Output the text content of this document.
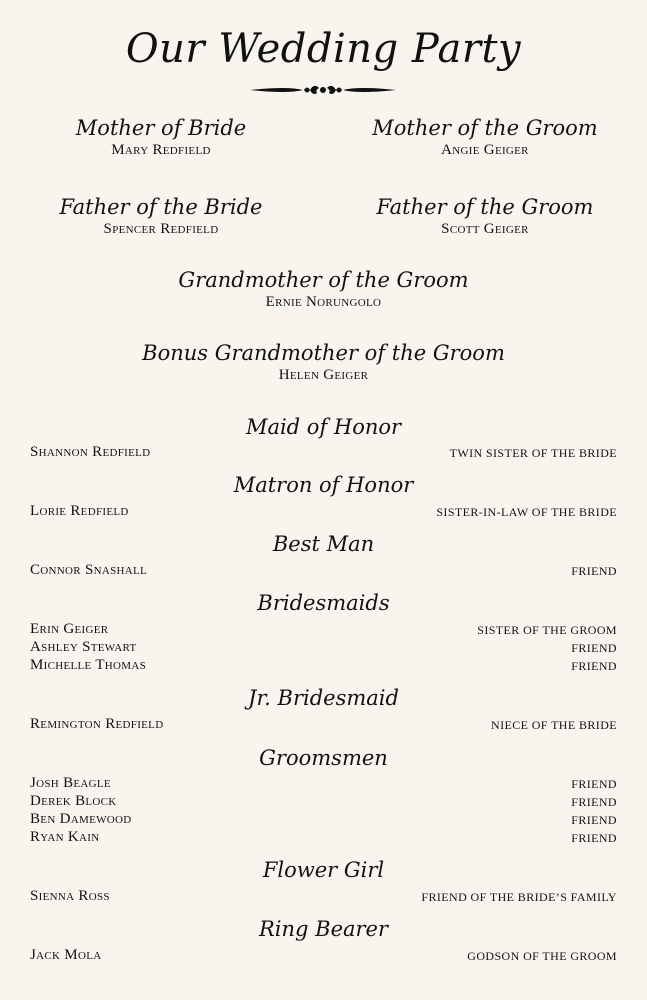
Our Wedding Party
Mother of Bride
Mary Redfield
Mother of the Groom
Angie Geiger
Father of the Bride
Spencer Redfield
Father of the Groom
Scott Geiger
Grandmother of the Groom
Ernie Norungolo
Bonus Grandmother of the Groom
Helen Geiger
Maid of Honor
Shannon Redfield	TWIN SISTER OF THE BRIDE
Matron of Honor
Lorie Redfield	SISTER-IN-LAW OF THE BRIDE
Best Man
Connor Snashall	FRIEND
Bridesmaids
Erin Geiger	SISTER OF THE GROOM
Ashley Stewart	FRIEND
Michelle Thomas	FRIEND
Jr. Bridesmaid
Remington Redfield	NIECE OF THE BRIDE
Groomsmen
Josh Beagle	FRIEND
Derek Block	FRIEND
Ben Damewood	FRIEND
Ryan Kain	FRIEND
Flower Girl
Sienna Ross	FRIEND OF THE BRIDE’S FAMILY
Ring Bearer
Jack Mola	GODSON OF THE GROOM
